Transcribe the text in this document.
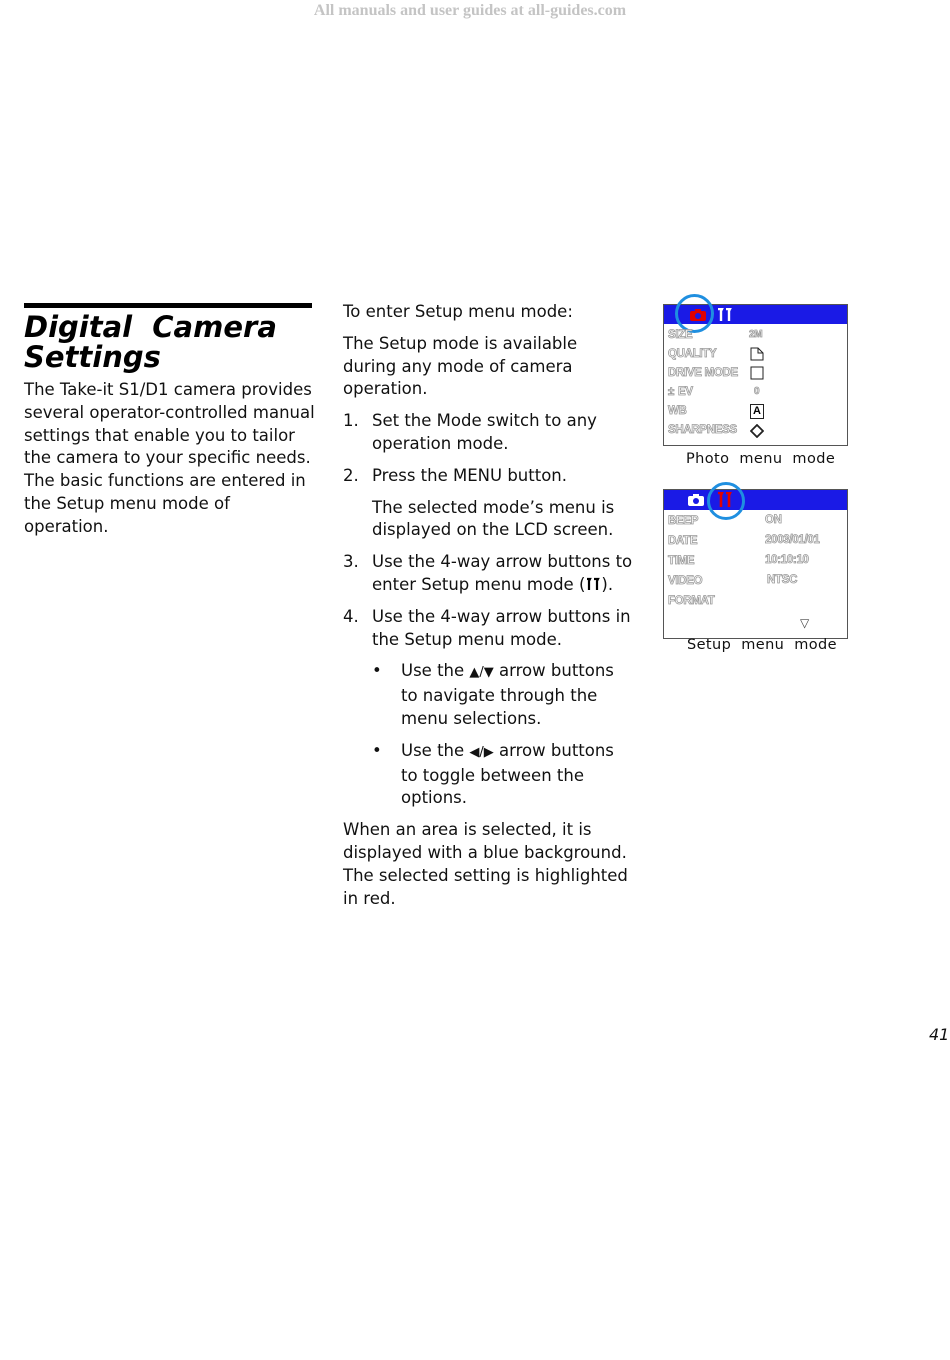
All manuals and user guides at all-guides.com
Digital  Camera
Settings

The Take-it S1/D1 camera provides several operator-controlled manual settings that enable you to tailor the camera to your specific needs. The basic functions are entered in the Setup menu mode of operation.

To enter Setup menu mode:

The Setup mode is available during any mode of camera operation.

1. Set the Mode switch to any operation mode.
2. Press the MENU button.

The selected mode’s menu is displayed on the LCD screen.

3. Use the 4-way arrow buttons to enter Setup menu mode ( ).
4. Use the 4-way arrow buttons in the Setup menu mode.
• Use the ▲/▼ arrow buttons to navigate through the menu selections.
• Use the ◀/▶ arrow buttons to toggle between the options.

When an area is selected, it is displayed with a blue background. The selected setting is highlighted in red.

SIZE
QUALITY
DRIVE MODE
± EV
WB
SHARPNESS
2M
0
A
Photo  menu  mode
BEEP
DATE
TIME
VIDEO
FORMAT
ON
2003/01/01
10:10:10
NTSC
▽
Setup  menu  mode
41
